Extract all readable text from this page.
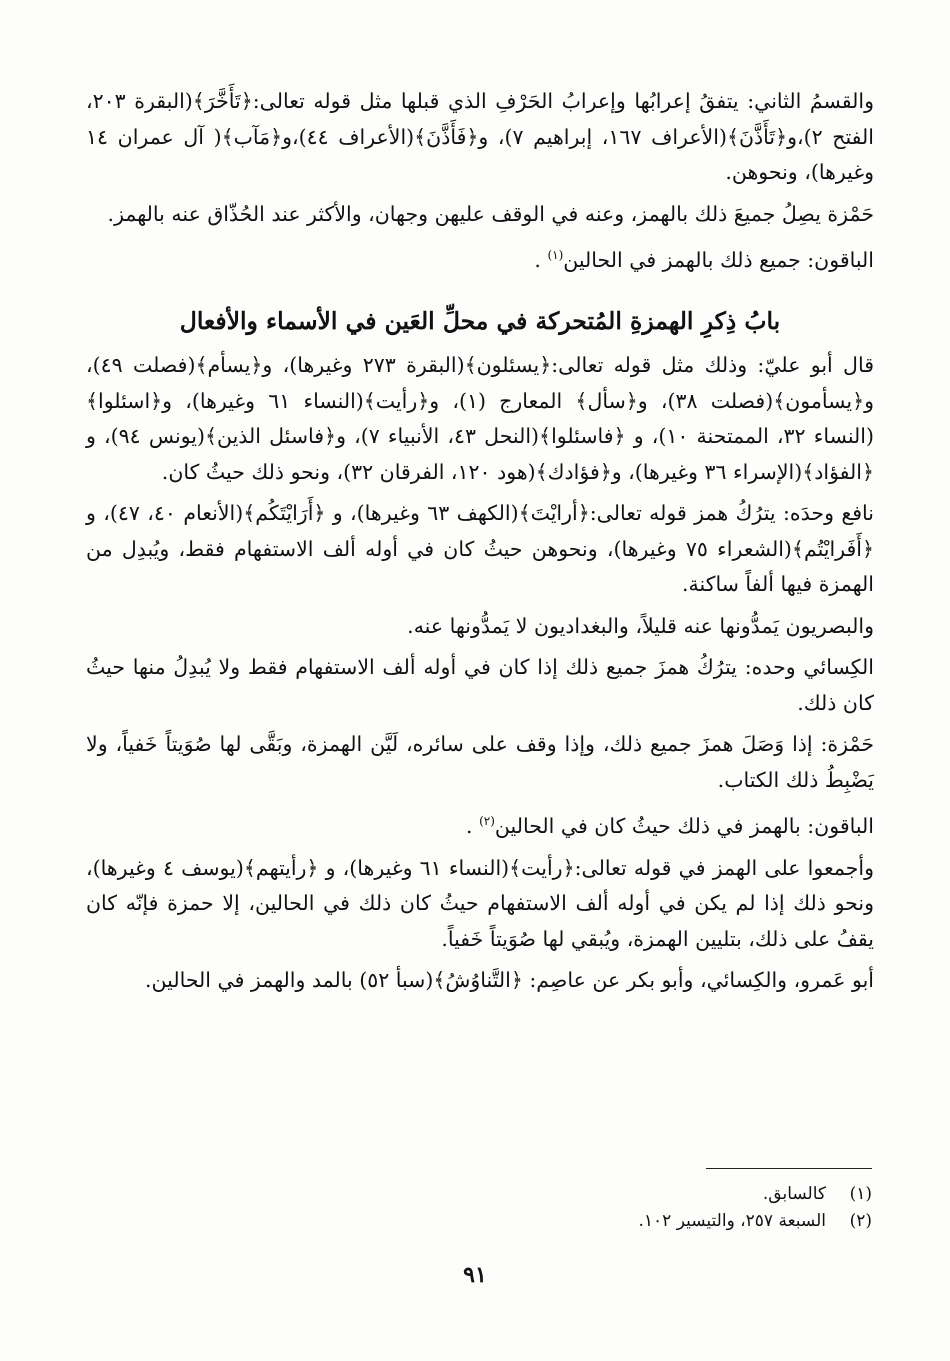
والقسمُ الثاني: يتفقُ إعرابُها وإعرابُ الحَرْفِ الذي قبلها مثل قوله تعالى:﴿تَأَخَّرَ﴾(البقرة ٢٠٣، الفتح ٢)،و﴿تَأَذَّنَ﴾(الأعراف ١٦٧، إبراهيم ٧)، و﴿فَأَذَّنَ﴾(الأعراف ٤٤)،و﴿مَآب﴾( آل عمران ١٤ وغيرها)، ونحوهن.

حَمْزة يصِلُ جميعَ ذلك بالهمز، وعنه في الوقف عليهن وجهان، والأكثر عند الحُذّاق عنه بالهمز.

الباقون: جميع ذلك بالهمز في الحالين$^{(١)}$ .

بابُ ذِكرِ الهمزةِ المُتحركة في محلِّ العَين في الأسماء والأفعال

قال أبو عليّ: وذلك مثل قوله تعالى:﴿يسئلون﴾(البقرة ٢٧٣ وغيرها)، و﴿يسأم﴾(فصلت ٤٩)، و﴿يسأمون﴾(فصلت ٣٨)، و﴿سأل﴾ المعارج (١)، و﴿رأيت﴾(النساء ٦١ وغيرها)، و﴿اسئلوا﴾(النساء ٣٢، الممتحنة ١٠)، و ﴿فاسئلوا﴾(النحل ٤٣، الأنبياء ٧)، و﴿فاسئل الذين﴾(يونس ٩٤)، و ﴿الفؤاد﴾(الإسراء ٣٦ وغيرها)، و﴿فؤادك﴾(هود ١٢٠، الفرقان ٣٢)، ونحو ذلك حيثُ كان.

نافع وحدَه: يترُكُ همز قوله تعالى:﴿أرايْتَ﴾(الكهف ٦٣ وغيرها)، و ﴿أَرَايْتَكُم﴾(الأنعام ٤٠، ٤٧)، و ﴿أَفَرايْتُم﴾(الشعراء ٧٥ وغيرها)، ونحوهن حيثُ كان في أوله ألف الاستفهام فقط، ويُبدِل من الهمزة فيها ألفاً ساكنة.

والبصريون يَمدُّونها عنه قليلاً، والبغداديون لا يَمدُّونها عنه.

الكِسائي وحده: يترُكُ همزَ جميع ذلك إذا كان في أوله ألف الاستفهام فقط ولا يُبدِلُ منها حيثُ كان ذلك.

حَمْزة: إذا وَصَلَ همزَ جميع ذلك، وإذا وقف على سائره، لَيَّن الهمزة، وبَقَّى لها صُوَيتاً خَفياً، ولا يَضْبِطُ ذلك الكتاب.

الباقون: بالهمز في ذلك حيثُ كان في الحالين$^{(٢)}$ .

وأجمعوا على الهمز في قوله تعالى:﴿رأيت﴾(النساء ٦١ وغيرها)، و ﴿رأيتهم﴾(يوسف ٤ وغيرها)، ونحو ذلك إذا لم يكن في أوله ألف الاستفهام حيثُ كان ذلك في الحالين، إلا حمزة فإنّه كان يقفُ على ذلك، بتليين الهمزة، ويُبقي لها صُوَيتاً خَفياً.

أبو عَمرو، والكِسائي، وأبو بكر عن عاصِم: ﴿التَّناوُشُ﴾(سبأ ٥٢) بالمد والهمز في الحالين.

(١)
كالسابق.
(٢)
السبعة ٢٥٧، والتيسير ١٠٢.
٩١
